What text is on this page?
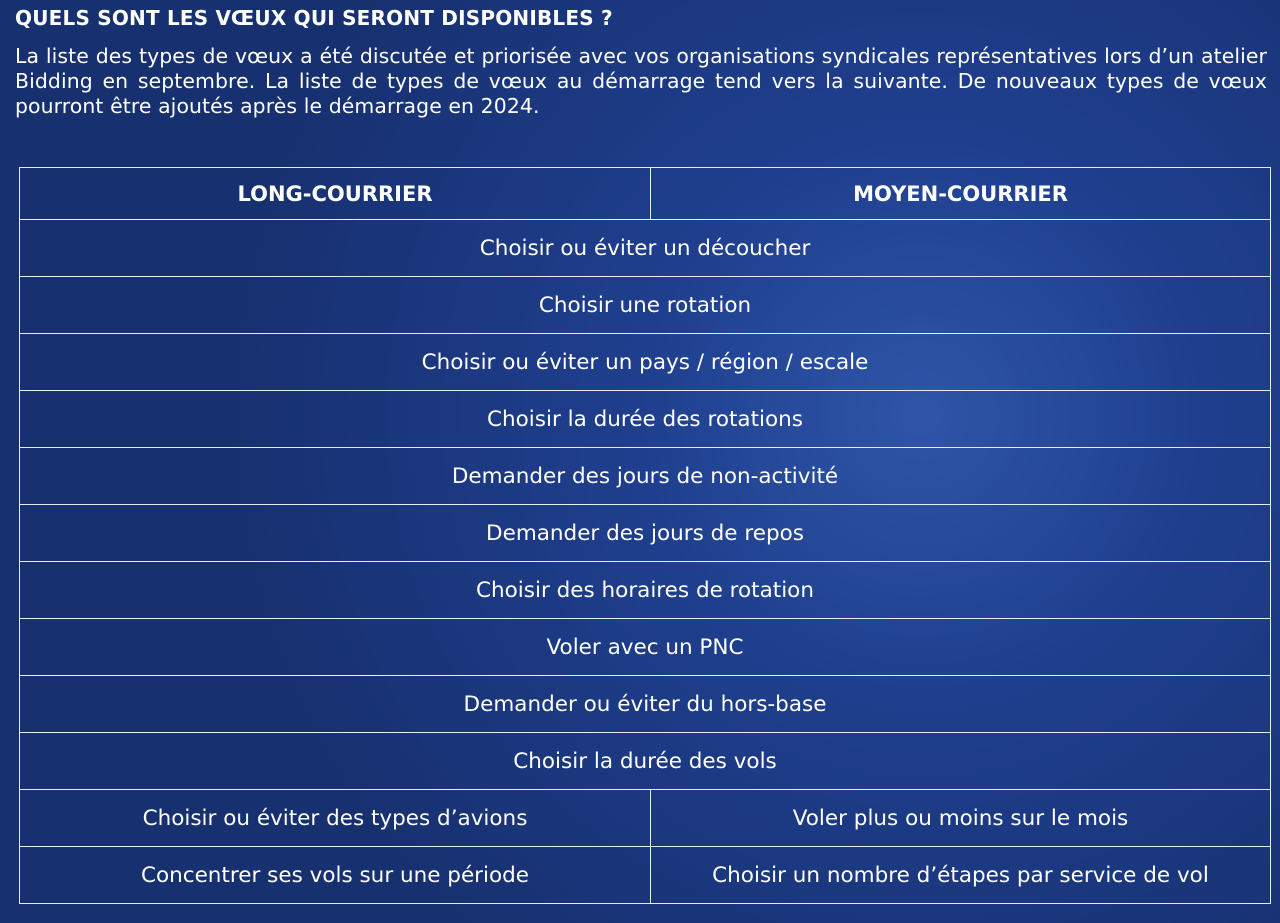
QUELS SONT LES VŒUX QUI SERONT DISPONIBLES ?
La liste des types de vœux a été discutée et priorisée avec vos organisations syndicales représentatives lors d’un atelier Bidding en septembre. La liste de types de vœux au démarrage tend vers la suivante. De nouveaux types de vœux pourront être ajoutés après le démarrage en 2024.
LONG-COURRIER	MOYEN-COURRIER
Choisir ou éviter un découcher	
Choisir une rotation	
Choisir ou éviter un pays / région / escale	
Choisir la durée des rotations	
Demander des jours de non-activité	
Demander des jours de repos	
Choisir des horaires de rotation	
Voler avec un PNC	
Demander ou éviter du hors-base	
Choisir la durée des vols	
Choisir ou éviter des types d’avions	Voler plus ou moins sur le mois
Concentrer ses vols sur une période	Choisir un nombre d’étapes par service de vol
